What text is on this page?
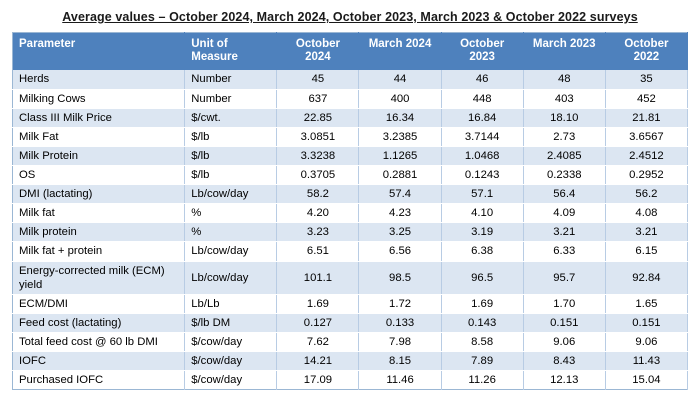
Average values – October 2024, March 2024, October 2023, March 2023 & October 2022 surveys
Parameter	Unit of Measure	October 2024	March 2024	October 2023	March 2023	October 2022
Herds	Number	45	44	46	48	35
Milking Cows	Number	637	400	448	403	452
Class III Milk Price	$/cwt.	22.85	16.34	16.84	18.10	21.81
Milk Fat	$/lb	3.0851	3.2385	3.7144	2.73	3.6567
Milk Protein	$/lb	3.3238	1.1265	1.0468	2.4085	2.4512
OS	$/lb	0.3705	0.2881	0.1243	0.2338	0.2952
DMI (lactating)	Lb/cow/day	58.2	57.4	57.1	56.4	56.2
Milk fat	%	4.20	4.23	4.10	4.09	4.08
Milk protein	%	3.23	3.25	3.19	3.21	3.21
Milk fat + protein	Lb/cow/day	6.51	6.56	6.38	6.33	6.15
Energy-corrected milk (ECM) yield	Lb/cow/day	101.1	98.5	96.5	95.7	92.84
ECM/DMI	Lb/Lb	1.69	1.72	1.69	1.70	1.65
Feed cost (lactating)	$/lb DM	0.127	0.133	0.143	0.151	0.151
Total feed cost @ 60 lb DMI	$/cow/day	7.62	7.98	8.58	9.06	9.06
IOFC	$/cow/day	14.21	8.15	7.89	8.43	11.43
Purchased IOFC	$/cow/day	17.09	11.46	11.26	12.13	15.04
